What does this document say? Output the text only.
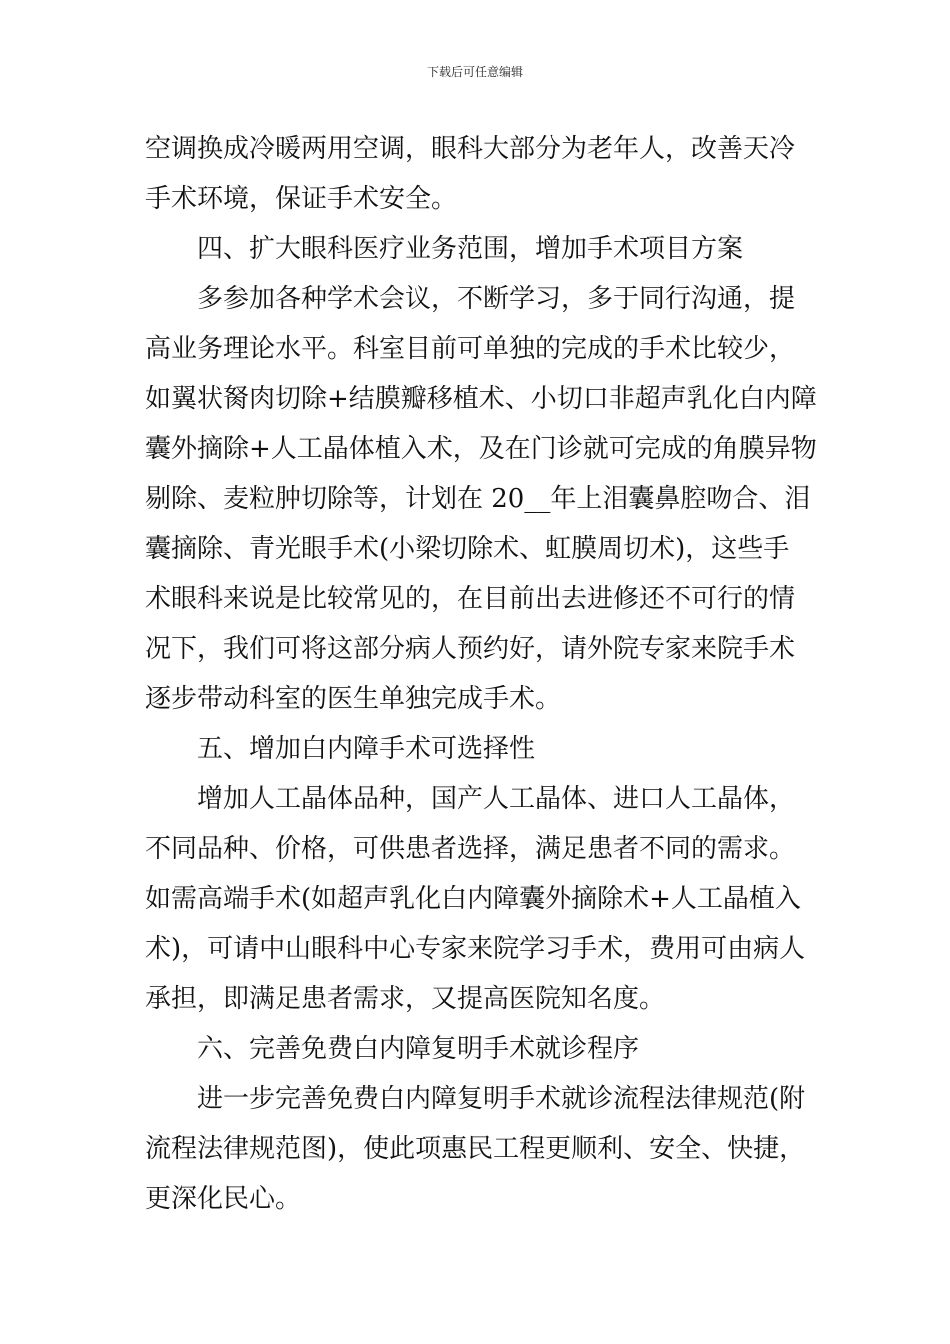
下载后可任意编辑
空调换成冷暖两用空调，眼科大部分为老年人，改善天冷
手术环境，保证手术安全。
四、扩大眼科医疗业务范围，增加手术项目方案
多参加各种学术会议，不断学习，多于同行沟通，提
高业务理论水平。科室目前可单独的完成的手术比较少，
如翼状胬肉切除+结膜瓣移植术、小切口非超声乳化白内障
囊外摘除+人工晶体植入术，及在门诊就可完成的角膜异物
剔除、麦粒肿切除等，计划在 20__年上泪囊鼻腔吻合、泪
囊摘除、青光眼手术(小梁切除术、虹膜周切术)，这些手
术眼科来说是比较常见的，在目前出去进修还不可行的情
况下，我们可将这部分病人预约好，请外院专家来院手术
逐步带动科室的医生单独完成手术。
五、增加白内障手术可选择性
增加人工晶体品种，国产人工晶体、进口人工晶体，
不同品种、价格，可供患者选择，满足患者不同的需求。
如需高端手术(如超声乳化白内障囊外摘除术+人工晶植入
术)，可请中山眼科中心专家来院学习手术，费用可由病人
承担，即满足患者需求，又提高医院知名度。
六、完善免费白内障复明手术就诊程序
进一步完善免费白内障复明手术就诊流程法律规范(附
流程法律规范图)，使此项惠民工程更顺利、安全、快捷，
更深化民心。
